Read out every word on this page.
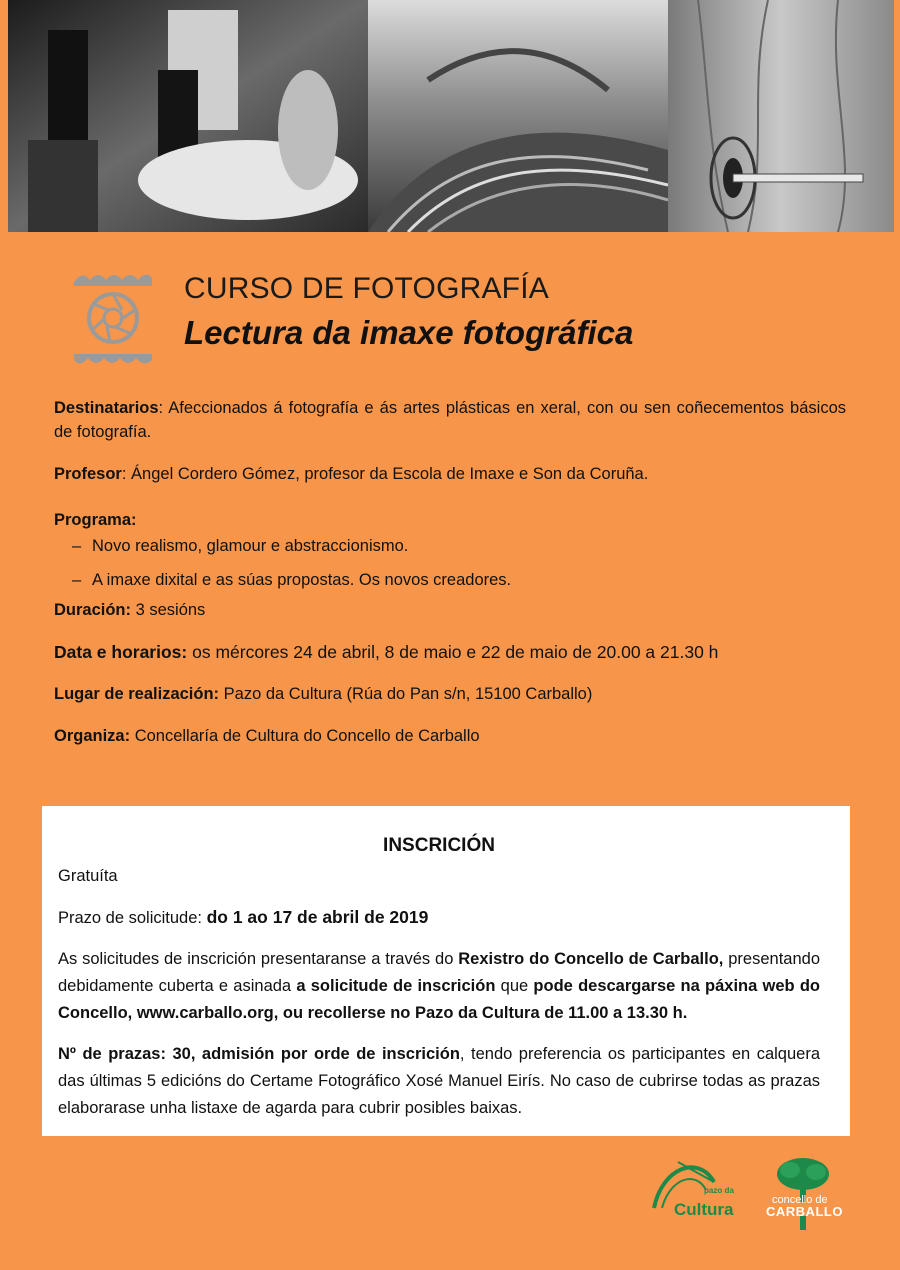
CURSO DE FOTOGRAFÍA
Lectura da imaxe fotográfica

Destinatarios: Afeccionados á fotografía e ás artes plásticas en xeral, con ou sen coñecementos básicos de fotografía.

Profesor: Ángel Cordero Gómez, profesor da Escola de Imaxe e Son da Coruña.

Programa:

– Novo realismo, glamour e abstraccionismo.
– A imaxe dixital e as súas propostas. Os novos creadores.

Duración: 3 sesións

Data e horarios: os mércores 24 de abril, 8 de maio e 22 de maio de 20.00 a 21.30 h

Lugar de realización: Pazo da Cultura (Rúa do Pan s/n, 15100 Carballo)

Organiza: Concellaría de Cultura do Concello de Carballo

INSCRICIÓN

Gratuíta

Prazo de solicitude: do 1 ao 17 de abril de 2019

As solicitudes de inscrición presentaranse a través do Rexistro do Concello de Carballo, presentando debidamente cuberta e asinada a solicitude de inscrición que pode descargarse na páxina web do Concello, www.carballo.org, ou recollerse no Pazo da Cultura de 11.00 a 13.30 h.

Nº de prazas: 30, admisión por orde de inscrición, tendo preferencia os participantes en calquera das últimas 5 edicións do Certame Fotográfico Xosé Manuel Eirís. No caso de cubrirse todas as prazas elaborarase unha listaxe de agarda para cubrir posibles baixas.

pazo da
Cultura	concello de
CARBALLO
